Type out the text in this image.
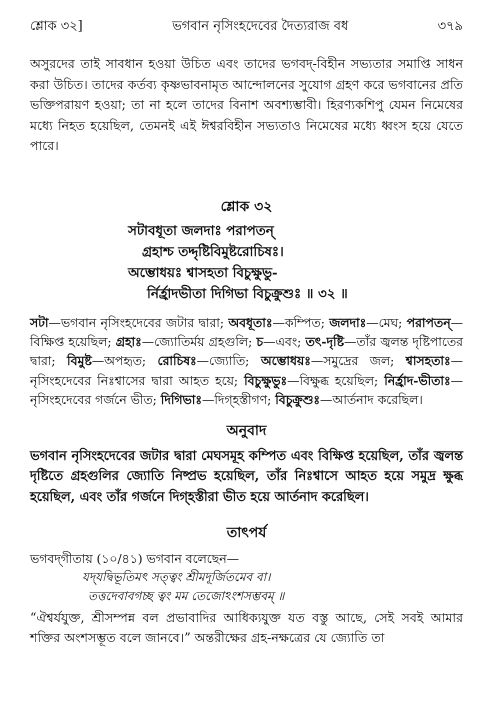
শ্লোক ৩২]	ভগবান নৃসিংহদেবের দৈত্যরাজ বধ	৩৭৯

অসুরদের তাই সাবধান হওয়া উচিত এবং তাদের ভগবদ্‌-বিহীন সভ্যতার সমাপ্তি সাধন করা উচিত। তাদের কর্তব্য কৃষ্ণভাবনামৃত আন্দোলনের সুযোগ গ্রহণ করে ভগবানের প্রতি ভক্তিপরায়ণ হওয়া; তা না হলে তাদের বিনাশ অবশ্যম্ভাবী। হিরণ্যকশিপু যেমন নিমেষের মধ্যে নিহত হয়েছিল, তেমনই এই ঈশ্বরবিহীন সভ্যতাও নিমেষের মধ্যে ধ্বংস হয়ে যেতে পারে।

শ্লোক ৩২
সটাবধূতা জলদাঃ পরাপতন্
গ্রহাশ্চ তদ্দৃষ্টিবিমুষ্টরোচিষঃ।
অম্ভোধয়ঃ শ্বাসহতা বিচুক্ষুভু-
র্নির্হ্রাদভীতা দিগিভা বিচুক্রুশুঃ ॥ ৩২ ॥
সটা—ভগবান নৃসিংহদেবের জটার দ্বারা; অবধূতাঃ—কম্পিত; জলদাঃ—মেঘ; পরাপতন্—বিক্ষিপ্ত হয়েছিল; গ্রহাঃ—জ্যোতির্ময় গ্রহগুলি; চ—এবং; তৎ-দৃষ্টি—তাঁর জ্বলন্ত দৃষ্টিপাতের দ্বারা; বিমুষ্ট—অপহৃত; রোচিষঃ—জ্যোতি; অম্ভোধয়ঃ—সমুদ্রের জল; শ্বাসহতাঃ—নৃসিংহদেবের নিঃশ্বাসের দ্বারা আহত হয়ে; বিচুক্ষুভুঃ—বিক্ষুব্ধ হয়েছিল; নির্হ্রাদ-ভীতাঃ—নৃসিংহদেবের গর্জনে ভীত; দিগিভাঃ—দিগ্‌হস্তীগণ; বিচুক্রুশুঃ—আর্তনাদ করেছিল।
অনুবাদ

ভগবান নৃসিংহদেবের জটার দ্বারা মেঘসমূহ কম্পিত এবং বিক্ষিপ্ত হয়েছিল, তাঁর জ্বলন্ত দৃষ্টিতে গ্রহগুলির জ্যোতি নিষ্প্রভ হয়েছিল, তাঁর নিঃশ্বাসে আহত হয়ে সমুদ্র ক্ষুব্ধ হয়েছিল, এবং তাঁর গর্জনে দিগ্‌হস্তীরা ভীত হয়ে আর্তনাদ করেছিল।

তাৎপর্য
ভগবদ্‌গীতায় (১০/৪১) ভগবান বলেছেন—
যদ্‌যদ্বিভূতিমৎ সত্ত্বং শ্রীমদূর্জিতমেব বা।
তত্তদেবাবগচ্ছ ত্বং মম তেজোঽংশসম্ভবম্ ॥

“ঐশ্বর্যযুক্ত, শ্রীসম্পন্ন বল প্রভাবাদির আধিক্যযুক্ত যত বস্তু আছে, সেই সবই আমার শক্তির অংশসম্ভূত বলে জানবে।” অন্তরীক্ষের গ্রহ-নক্ষত্রের যে জ্যোতি তা
